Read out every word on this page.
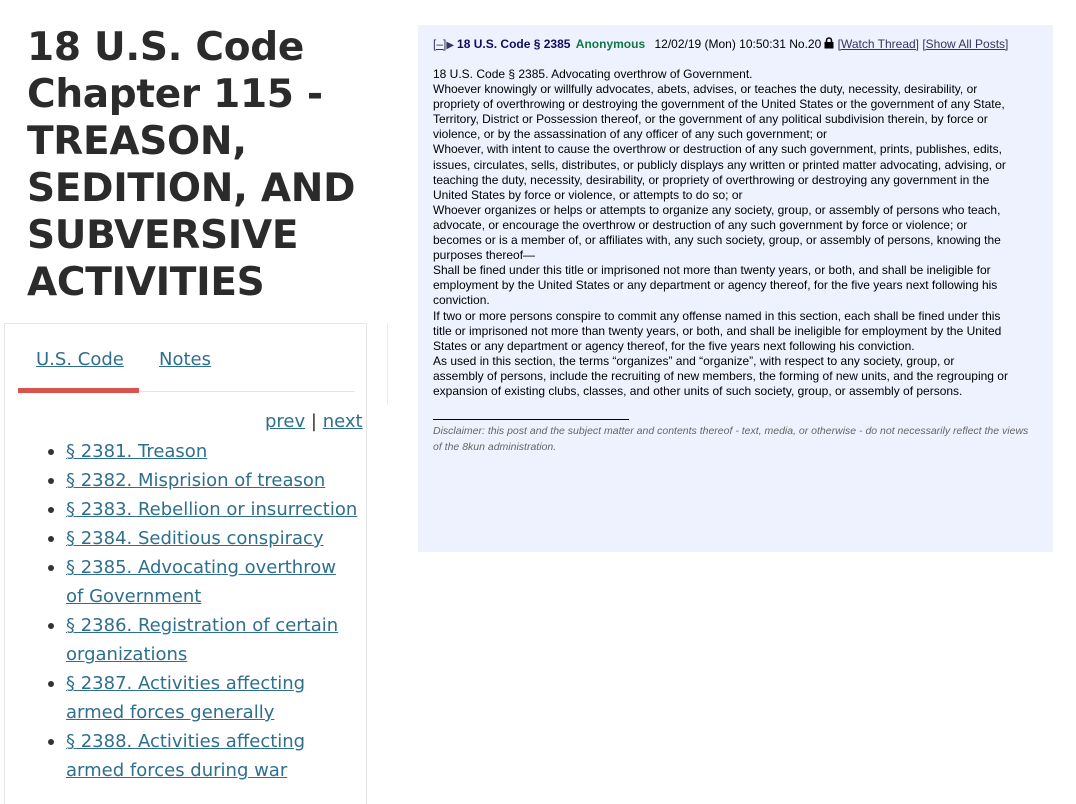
18 U.S. Code Chapter 115 - TREASON, SEDITION, AND SUBVERSIVE ACTIVITIES
U.S. Code Notes
prev | next
§ 2381. Treason
§ 2382. Misprision of treason
§ 2383. Rebellion or insurrection
§ 2384. Seditious conspiracy
§ 2385. Advocating overthrow of Government
§ 2386. Registration of certain organizations
§ 2387. Activities affecting armed forces generally
§ 2388. Activities affecting armed forces during war
[–]▶ 18 U.S. Code § 2385 Anonymous 12/02/19 (Mon) 10:50:31 No.20 [Watch Thread] [Show All Posts]

18 U.S. Code § 2385. Advocating overthrow of Government.

Whoever knowingly or willfully advocates, abets, advises, or teaches the duty, necessity, desirability, or propriety of overthrowing or destroying the government of the United States or the government of any State, Territory, District or Possession thereof, or the government of any political subdivision therein, by force or violence, or by the assassination of any officer of any such government; or

Whoever, with intent to cause the overthrow or destruction of any such government, prints, publishes, edits, issues, circulates, sells, distributes, or publicly displays any written or printed matter advocating, advising, or teaching the duty, necessity, desirability, or propriety of overthrowing or destroying any government in the United States by force or violence, or attempts to do so; or

Whoever organizes or helps or attempts to organize any society, group, or assembly of persons who teach, advocate, or encourage the overthrow or destruction of any such government by force or violence; or becomes or is a member of, or affiliates with, any such society, group, or assembly of persons, knowing the purposes thereof—

Shall be fined under this title or imprisoned not more than twenty years, or both, and shall be ineligible for employment by the United States or any department or agency thereof, for the five years next following his conviction.

If two or more persons conspire to commit any offense named in this section, each shall be fined under this title or imprisoned not more than twenty years, or both, and shall be ineligible for employment by the United States or any department or agency thereof, for the five years next following his conviction.

As used in this section, the terms “organizes” and “organize”, with respect to any society, group, or assembly of persons, include the recruiting of new members, the forming of new units, and the regrouping or expansion of existing clubs, classes, and other units of such society, group, or assembly of persons.

Disclaimer: this post and the subject matter and contents thereof - text, media, or otherwise - do not necessarily reflect the views of the 8kun administration.
